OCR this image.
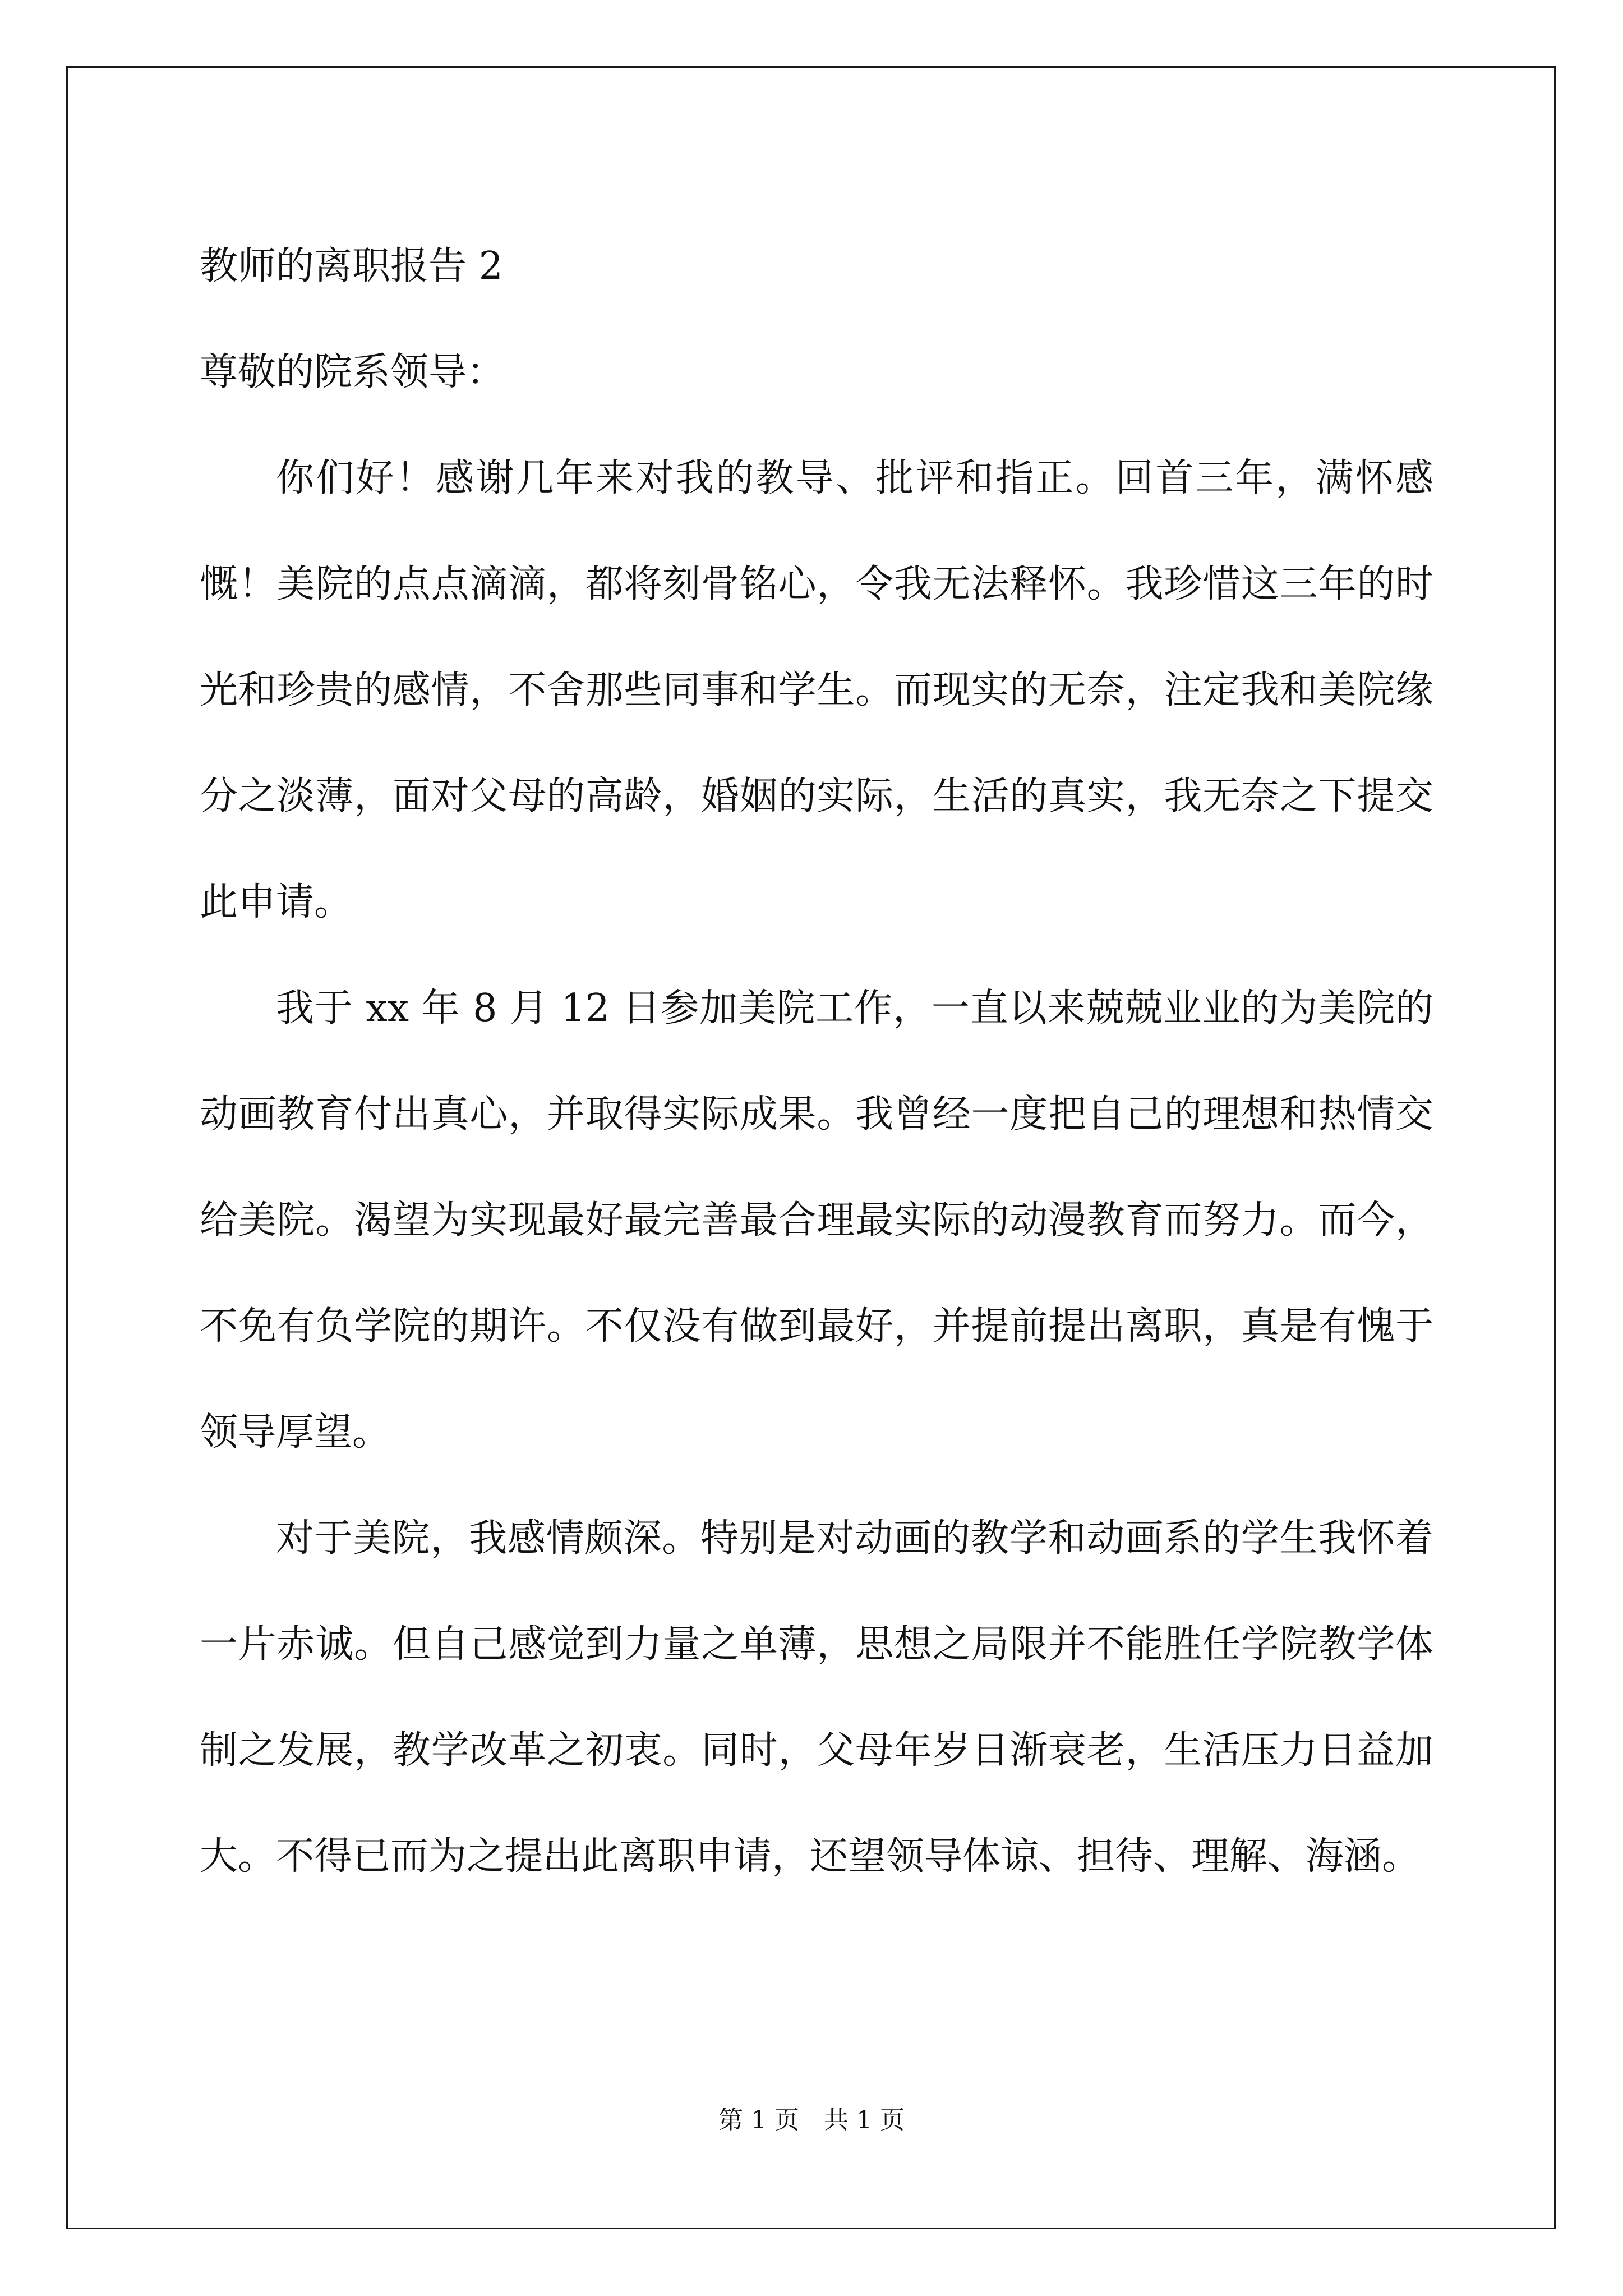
教师的离职报告 2

尊敬的院系领导：

你们好！感谢几年来对我的教导、批评和指正。回首三年，满怀感慨！美院的点点滴滴，都将刻骨铭心，令我无法释怀。我珍惜这三年的时光和珍贵的感情，不舍那些同事和学生。而现实的无奈，注定我和美院缘分之淡薄，面对父母的高龄，婚姻的实际，生活的真实，我无奈之下提交此申请。

我于 xx 年 8 月 12 日参加美院工作，一直以来兢兢业业的为美院的动画教育付出真心，并取得实际成果。我曾经一度把自己的理想和热情交给美院。渴望为实现最好最完善最合理最实际的动漫教育而努力。而今，不免有负学院的期许。不仅没有做到最好，并提前提出离职，真是有愧于领导厚望。

对于美院，我感情颇深。特别是对动画的教学和动画系的学生我怀着一片赤诚。但自己感觉到力量之单薄，思想之局限并不能胜任学院教学体制之发展，教学改革之初衷。同时，父母年岁日渐衰老，生活压力日益加大。不得已而为之提出此离职申请，还望领导体谅、担待、理解、海涵。

第 1 页　共 1 页
